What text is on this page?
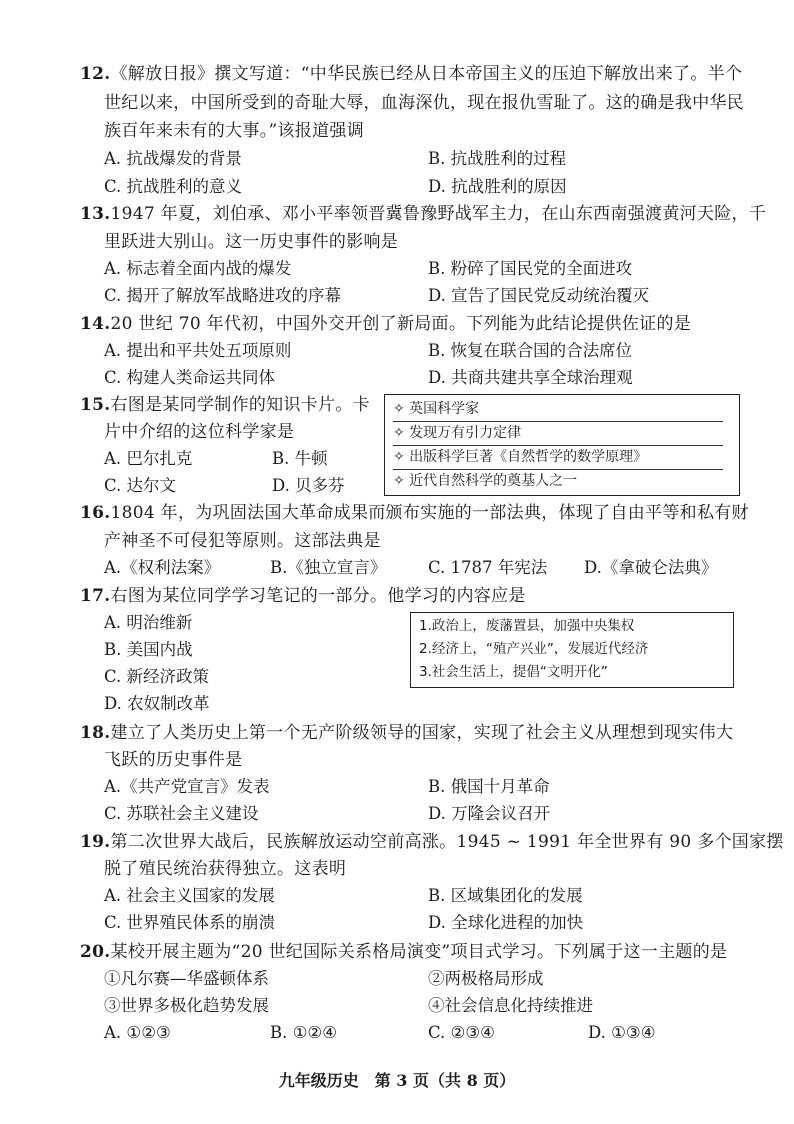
12.《解放日报》撰文写道：“中华民族已经从日本帝国主义的压迫下解放出来了。半个
世纪以来，中国所受到的奇耻大辱，血海深仇，现在报仇雪耻了。这的确是我中华民
族百年来未有的大事。”该报道强调
A. 抗战爆发的背景	B. 抗战胜利的过程
C. 抗战胜利的意义	D. 抗战胜利的原因
13.1947 年夏，刘伯承、邓小平率领晋冀鲁豫野战军主力，在山东西南强渡黄河天险，千
里跃进大别山。这一历史事件的影响是
A. 标志着全面内战的爆发	B. 粉碎了国民党的全面进攻
C. 揭开了解放军战略进攻的序幕	D. 宣告了国民党反动统治覆灭
14.20 世纪 70 年代初，中国外交开创了新局面。下列能为此结论提供佐证的是
A. 提出和平共处五项原则	B. 恢复在联合国的合法席位
C. 构建人类命运共同体	D. 共商共建共享全球治理观
15.右图是某同学制作的知识卡片。卡
片中介绍的这位科学家是
A. 巴尔扎克	B. 牛顿
C. 达尔文	D. 贝多芬
✧ 英国科学家
✧ 发现万有引力定律
✧ 出版科学巨著《自然哲学的数学原理》
✧ 近代自然科学的奠基人之一
16.1804 年，为巩固法国大革命成果而颁布实施的一部法典，体现了自由平等和私有财
产神圣不可侵犯等原则。这部法典是
A.《权利法案》	B.《独立宣言》	C. 1787 年宪法 D.《拿破仑法典》
17.右图为某位同学学习笔记的一部分。他学习的内容应是
A. 明治维新
B. 美国内战
C. 新经济政策
D. 农奴制改革
1.政治上，废藩置县，加强中央集权
2.经济上，“殖产兴业”，发展近代经济
3.社会生活上，提倡“文明开化”
18.建立了人类历史上第一个无产阶级领导的国家，实现了社会主义从理想到现实伟大
飞跃的历史事件是
A.《共产党宣言》发表	B. 俄国十月革命
C. 苏联社会主义建设	D. 万隆会议召开
19.第二次世界大战后，民族解放运动空前高涨。1945 ~ 1991 年全世界有 90 多个国家摆
脱了殖民统治获得独立。这表明
A. 社会主义国家的发展	B. 区域集团化的发展
C. 世界殖民体系的崩溃	D. 全球化进程的加快
20.某校开展主题为“20 世纪国际关系格局演变”项目式学习。下列属于这一主题的是
①凡尔赛—华盛顿体系	②两极格局形成
③世界多极化趋势发展	④社会信息化持续推进
A. ①②③	B. ①②④	C. ②③④	D. ①③④
九年级历史　第 3 页（共 8 页）
